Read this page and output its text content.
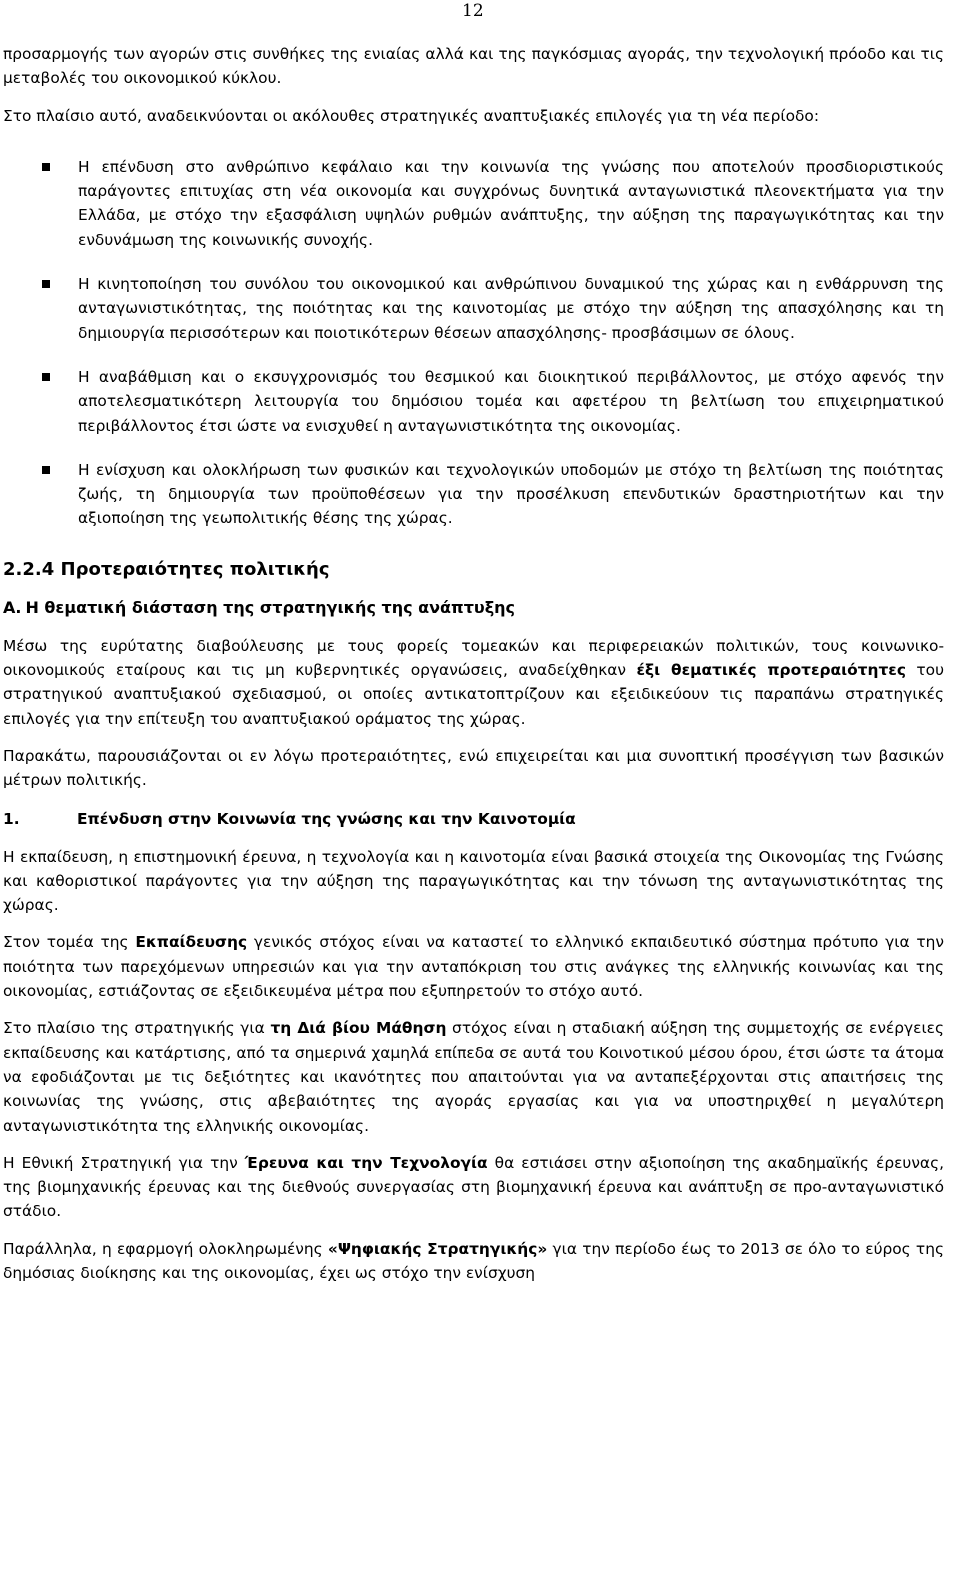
12

προσαρμογής των αγορών στις συνθήκες της ενιαίας αλλά και της παγκόσμιας αγοράς, την τεχνολογική πρόοδο και τις μεταβολές του οικονομικού κύκλου.

Στο πλαίσιο αυτό, αναδεικνύονται οι ακόλουθες στρατηγικές αναπτυξιακές επιλογές για τη νέα περίοδο:

Η επένδυση στο ανθρώπινο κεφάλαιο και την κοινωνία της γνώσης που αποτελούν προσδιοριστικούς παράγοντες επιτυχίας στη νέα οικονομία και συγχρόνως δυνητικά ανταγωνιστικά πλεονεκτήματα για την Ελλάδα, με στόχο την εξασφάλιση υψηλών ρυθμών ανάπτυξης, την αύξηση της παραγωγικότητας και την ενδυνάμωση της κοινωνικής συνοχής.
Η κινητοποίηση του συνόλου του οικονομικού και ανθρώπινου δυναμικού της χώρας και η ενθάρρυνση της ανταγωνιστικότητας, της ποιότητας και της καινοτομίας με στόχο την αύξηση της απασχόλησης και τη δημιουργία περισσότερων και ποιοτικότερων θέσεων απασχόλησης- προσβάσιμων σε όλους.
Η αναβάθμιση και ο εκσυγχρονισμός του θεσμικού και διοικητικού περιβάλλοντος, με στόχο αφενός την αποτελεσματικότερη λειτουργία του δημόσιου τομέα και αφετέρου τη βελτίωση του επιχειρηματικού περιβάλλοντος έτσι ώστε να ενισχυθεί η ανταγωνιστικότητα της οικονομίας.
Η ενίσχυση και ολοκλήρωση των φυσικών και τεχνολογικών υποδομών με στόχο τη βελτίωση της ποιότητας ζωής, τη δημιουργία των προϋποθέσεων για την προσέλκυση επενδυτικών δραστηριοτήτων και την αξιοποίηση της γεωπολιτικής θέσης της χώρας.
2.2.4 Προτεραιότητες πολιτικής
Α. Η θεματική διάσταση της στρατηγικής της ανάπτυξης

Μέσω της ευρύτατης διαβούλευσης με τους φορείς τομεακών και περιφερειακών πολιτικών, τους κοινωνικο-οικονομικούς εταίρους και τις μη κυβερνητικές οργανώσεις, αναδείχθηκαν έξι θεματικές προτεραιότητες του στρατηγικού αναπτυξιακού σχεδιασμού, οι οποίες αντικατοπτρίζουν και εξειδικεύουν τις παραπάνω στρατηγικές επιλογές για την επίτευξη του αναπτυξιακού οράματος της χώρας.

Παρακάτω, παρουσιάζονται οι εν λόγω προτεραιότητες, ενώ επιχειρείται και μια συνοπτική προσέγγιση των βασικών μέτρων πολιτικής.

1.	Επένδυση στην Κοινωνία της γνώσης και την Καινοτομία

Η εκπαίδευση, η επιστημονική έρευνα, η τεχνολογία και η καινοτομία είναι βασικά στοιχεία της Οικονομίας της Γνώσης και καθοριστικοί παράγοντες για την αύξηση της παραγωγικότητας και την τόνωση της ανταγωνιστικότητας της χώρας.

Στον τομέα της Εκπαίδευσης γενικός στόχος είναι να καταστεί το ελληνικό εκπαιδευτικό σύστημα πρότυπο για την ποιότητα των παρεχόμενων υπηρεσιών και για την ανταπόκριση του στις ανάγκες της ελληνικής κοινωνίας και της οικονομίας, εστιάζοντας σε εξειδικευμένα μέτρα που εξυπηρετούν το στόχο αυτό.

Στο πλαίσιο της στρατηγικής για τη Διά βίου Μάθηση στόχος είναι η σταδιακή αύξηση της συμμετοχής σε ενέργειες εκπαίδευσης και κατάρτισης, από τα σημερινά χαμηλά επίπεδα σε αυτά του Κοινοτικού μέσου όρου, έτσι ώστε τα άτομα να εφοδιάζονται με τις δεξιότητες και ικανότητες που απαιτούνται για να ανταπεξέρχονται στις απαιτήσεις της κοινωνίας της γνώσης, στις αβεβαιότητες της αγοράς εργασίας και για να υποστηριχθεί η μεγαλύτερη ανταγωνιστικότητα της ελληνικής οικονομίας.

Η Εθνική Στρατηγική για την Έρευνα και την Τεχνολογία θα εστιάσει στην αξιοποίηση της ακαδημαϊκής έρευνας, της βιομηχανικής έρευνας και της διεθνούς συνεργασίας στη βιομηχανική έρευνα και ανάπτυξη σε προ-ανταγωνιστικό στάδιο.

Παράλληλα, η εφαρμογή ολοκληρωμένης «Ψηφιακής Στρατηγικής» για την περίοδο έως το 2013 σε όλο το εύρος της δημόσιας διοίκησης και της οικονομίας, έχει ως στόχο την ενίσχυση
